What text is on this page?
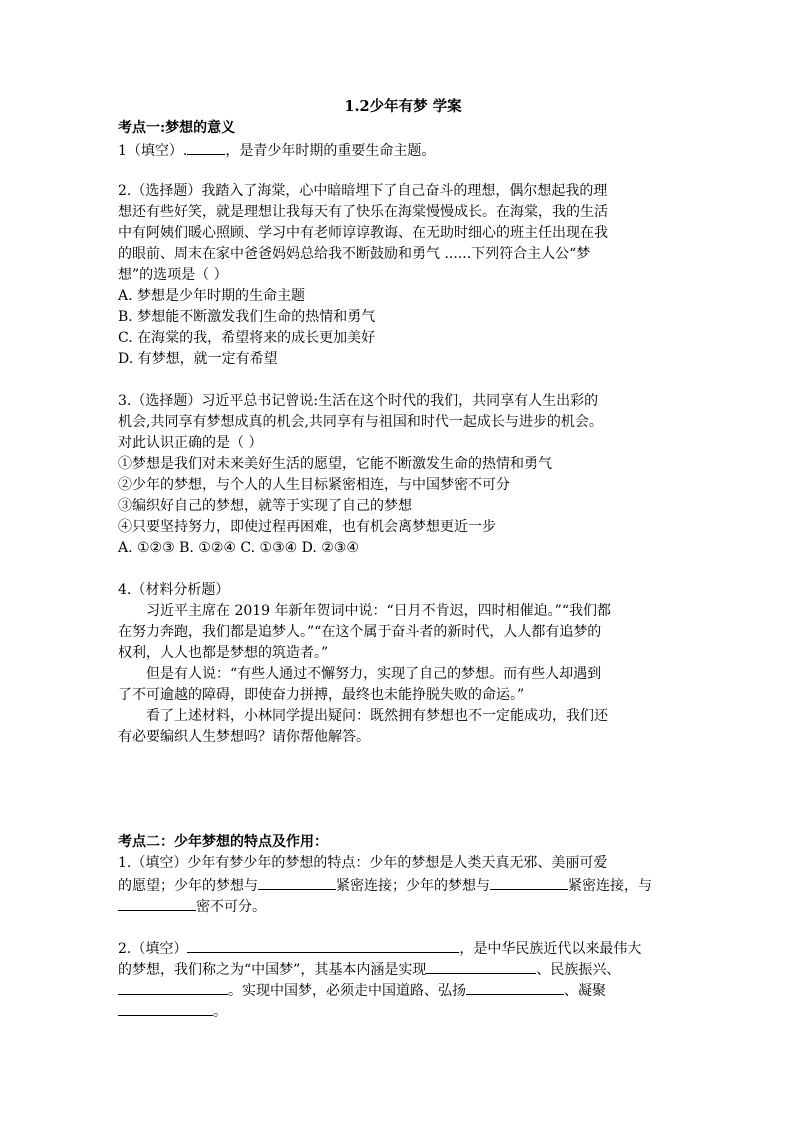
1.2少年有梦 学案
考点一:梦想的意义
1（填空）.	，是青少年时期的重要生命主题。
2.（选择题）我踏入了海棠，心中暗暗埋下了自己奋斗的理想，偶尔想起我的理
想还有些好笑，就是理想让我每天有了快乐在海棠慢慢成长。在海棠，我的生活
中有阿姨们暖心照顾、学习中有老师谆谆教诲、在无助时细心的班主任出现在我
的眼前、周末在家中爸爸妈妈总给我不断鼓励和勇气 ......下列符合主人公“梦
想”的选项是（ ）
A. 梦想是少年时期的生命主题
B. 梦想能不断激发我们生命的热情和勇气
C. 在海棠的我，希望将来的成长更加美好
D. 有梦想，就一定有希望
3.（选择题）习近平总书记曾说:生活在这个时代的我们，共同享有人生出彩的
机会,共同享有梦想成真的机会,共同享有与祖国和时代一起成长与进步的机会。
对此认识正确的是（ ）
①梦想是我们对未来美好生活的愿望，它能不断激发生命的热情和勇气
②少年的梦想，与个人的人生目标紧密相连，与中国梦密不可分
③编织好自己的梦想，就等于实现了自己的梦想
④只要坚持努力，即使过程再困难，也有机会离梦想更近一步
A. ①②③ B. ①②④ C. ①③④ D. ②③④
4.（材料分析题）
习近平主席在 2019 年新年贺词中说：“日月不肯迟，四时相催迫。”“我们都
在努力奔跑，我们都是追梦人。”“在这个属于奋斗者的新时代，人人都有追梦的
权利，人人也都是梦想的筑造者。”
但是有人说：“有些人通过不懈努力，实现了自己的梦想。而有些人却遇到
了不可逾越的障碍，即使奋力拼搏，最终也未能挣脱失败的命运。”
看了上述材料，小林同学提出疑问：既然拥有梦想也不一定能成功，我们还
有必要编织人生梦想吗？请你帮他解答。
考点二：少年梦想的特点及作用：
1.（填空）少年有梦少年的梦想的特点：少年的梦想是人类天真无邪、美丽可爱
的愿望；少年的梦想与	紧密连接；少年的梦想与	紧密连接，与
密不可分。
2.（填空）	，是中华民族近代以来最伟大
的梦想，我们称之为“中国梦”，其基本内涵是实现	、民族振兴、
。实现中国梦，必须走中国道路、弘扬	、凝聚
。
